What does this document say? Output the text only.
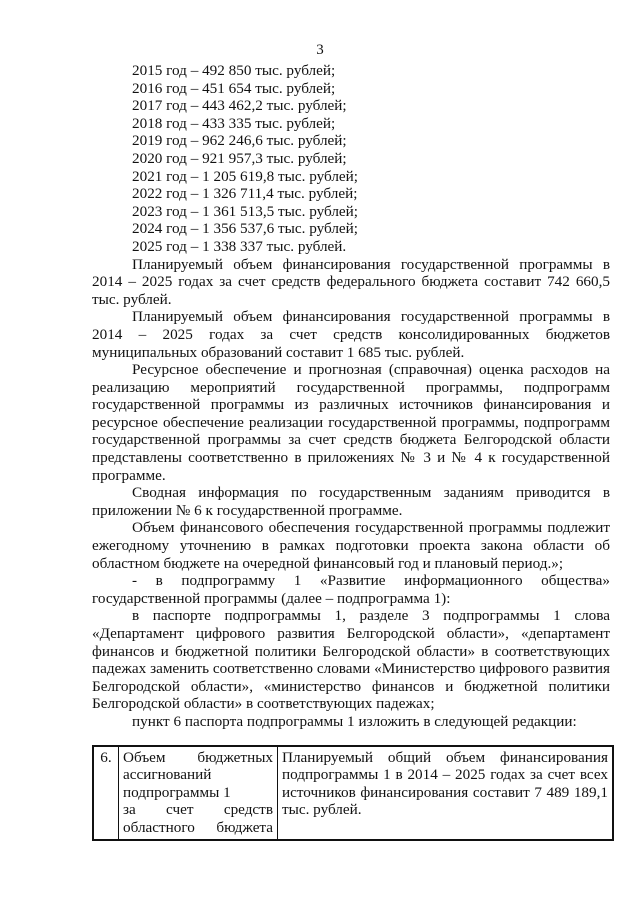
3
2015 год – 492 850 тыс. рублей;
2016 год – 451 654 тыс. рублей;
2017 год – 443 462,2 тыс. рублей;
2018 год – 433 335 тыс. рублей;
2019 год – 962 246,6 тыс. рублей;
2020 год – 921 957,3 тыс. рублей;
2021 год – 1 205 619,8 тыс. рублей;
2022 год – 1 326 711,4 тыс. рублей;
2023 год – 1 361 513,5 тыс. рублей;
2024 год – 1 356 537,6 тыс. рублей;
2025 год – 1 338 337 тыс. рублей.

Планируемый объем финансирования государственной программы в 2014 – 2025 годах за счет средств федерального бюджета составит 742 660,5 тыс. рублей.

Планируемый объем финансирования государственной программы в 2014 – 2025 годах за счет средств консолидированных бюджетов муниципальных образований составит 1 685 тыс. рублей.

Ресурсное обеспечение и прогнозная (справочная) оценка расходов на реализацию мероприятий государственной программы, подпрограмм государственной программы из различных источников финансирования и ресурсное обеспечение реализации государственной программы, подпрограмм государственной программы за счет средств бюджета Белгородской области представлены соответственно в приложениях № 3 и № 4 к государственной программе.

Сводная информация по государственным заданиям приводится в приложении № 6 к государственной программе.

Объем финансового обеспечения государственной программы подлежит ежегодному уточнению в рамках подготовки проекта закона области об областном бюджете на очередной финансовый год и плановый период.»;

- в подпрограмму 1 «Развитие информационного общества» государственной программы (далее – подпрограмма 1):

в паспорте подпрограммы 1, разделе 3 подпрограммы 1 слова «Департамент цифрового развития Белгородской области», «департамент финансов и бюджетной политики Белгородской области» в соответствующих падежах заменить соответственно словами «Министерство цифрового развития Белгородской области», «министерство финансов и бюджетной политики Белгородской области» в соответствующих падежах;

пункт 6 паспорта подпрограммы 1 изложить в следующей редакции:

6.	Объем бюджетных
ассигнований
подпрограммы 1
за счет средств
областного бюджета
	Планируемый общий объем финансирования подпрограммы 1 в 2014 – 2025 годах за счет всех источников финансирования составит 7 489 189,1 тыс. рублей.
